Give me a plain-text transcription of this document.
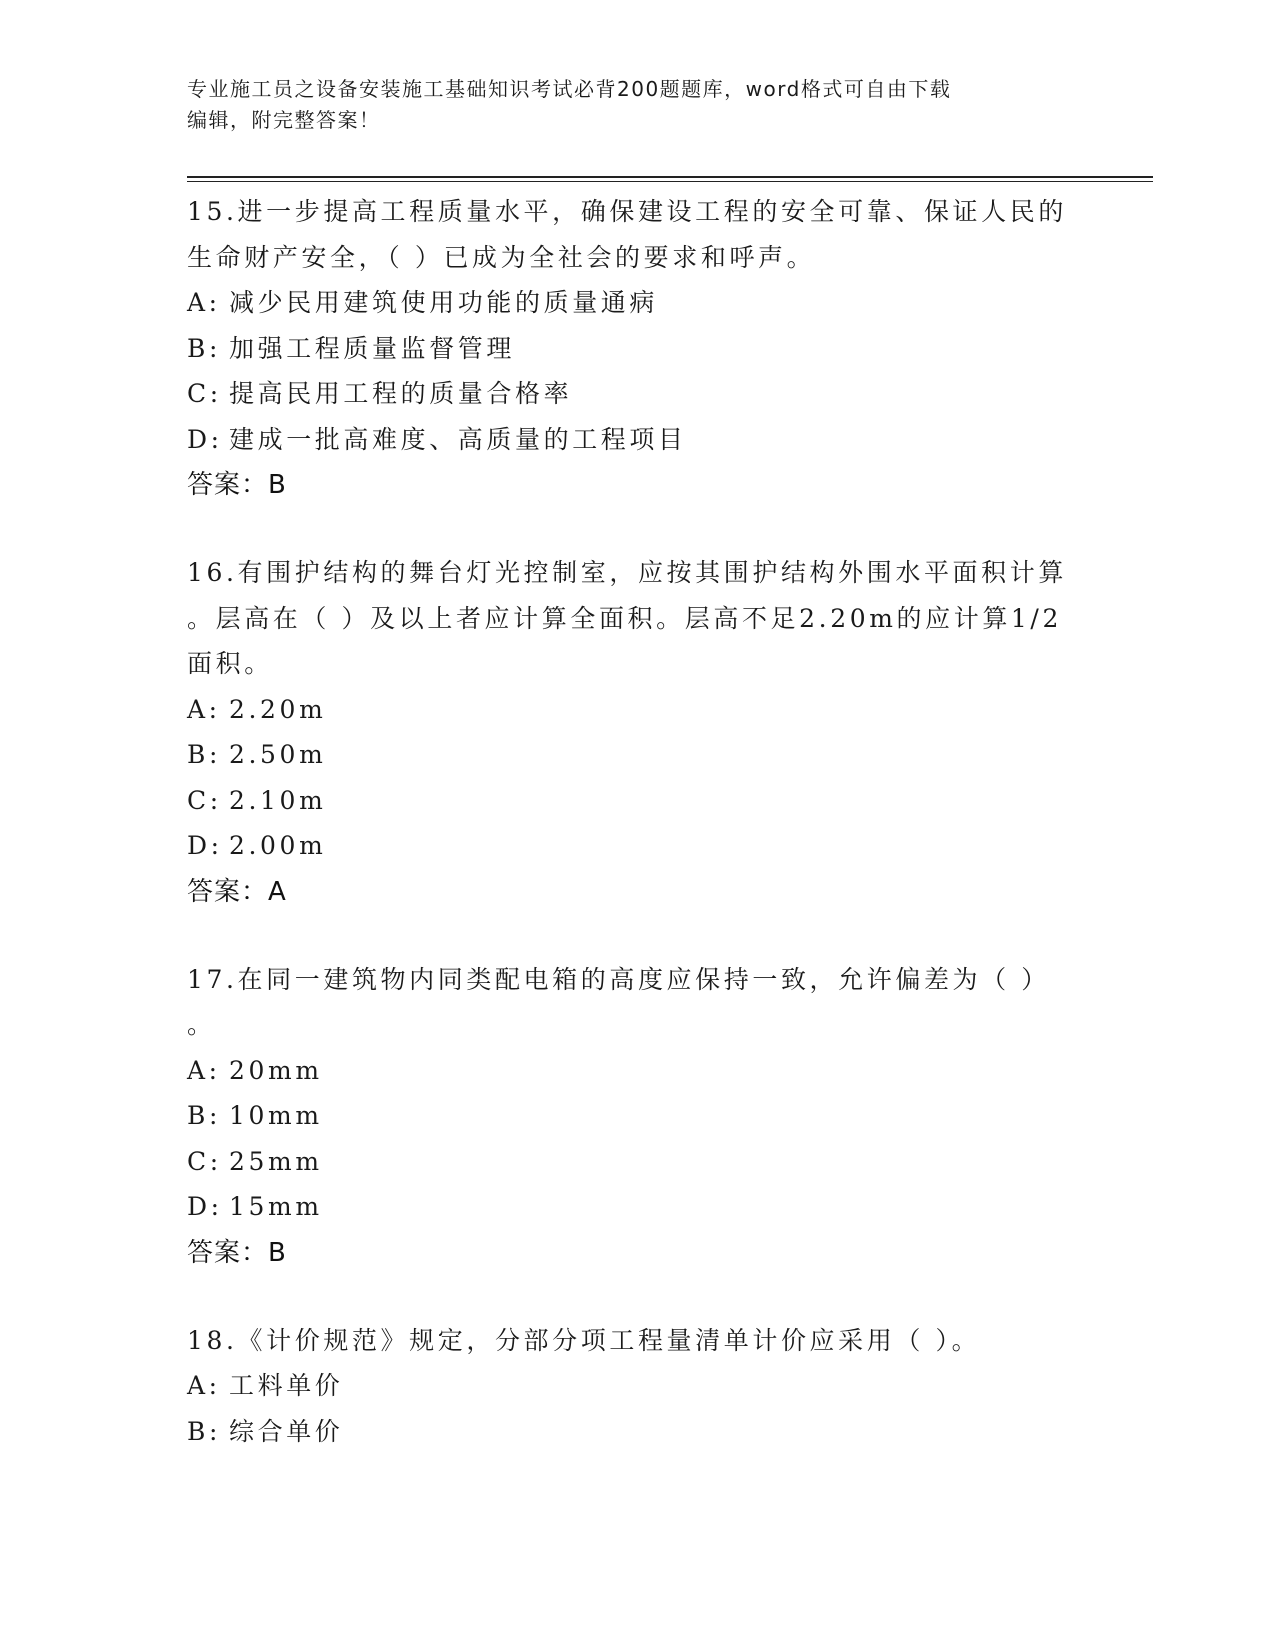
专业施工员之设备安装施工基础知识考试必背200题题库，word格式可自由下载
编辑，附完整答案！
15.进一步提高工程质量水平，确保建设工程的安全可靠、保证人民的
生命财产安全，（ ）已成为全社会的要求和呼声。
A: 减少民用建筑使用功能的质量通病
B: 加强工程质量监督管理
C: 提高民用工程的质量合格率
D: 建成一批高难度、高质量的工程项目
答案：B
16.有围护结构的舞台灯光控制室，应按其围护结构外围水平面积计算
。层高在（ ）及以上者应计算全面积。层高不足2.20m的应计算1/2
面积。
A: 2.20m
B: 2.50m
C: 2.10m
D: 2.00m
答案：A
17.在同一建筑物内同类配电箱的高度应保持一致，允许偏差为（ ）
。
A: 20mm
B: 10mm
C: 25mm
D: 15mm
答案：B
18.《计价规范》规定，分部分项工程量清单计价应采用（ ）。
A: 工料单价
B: 综合单价
